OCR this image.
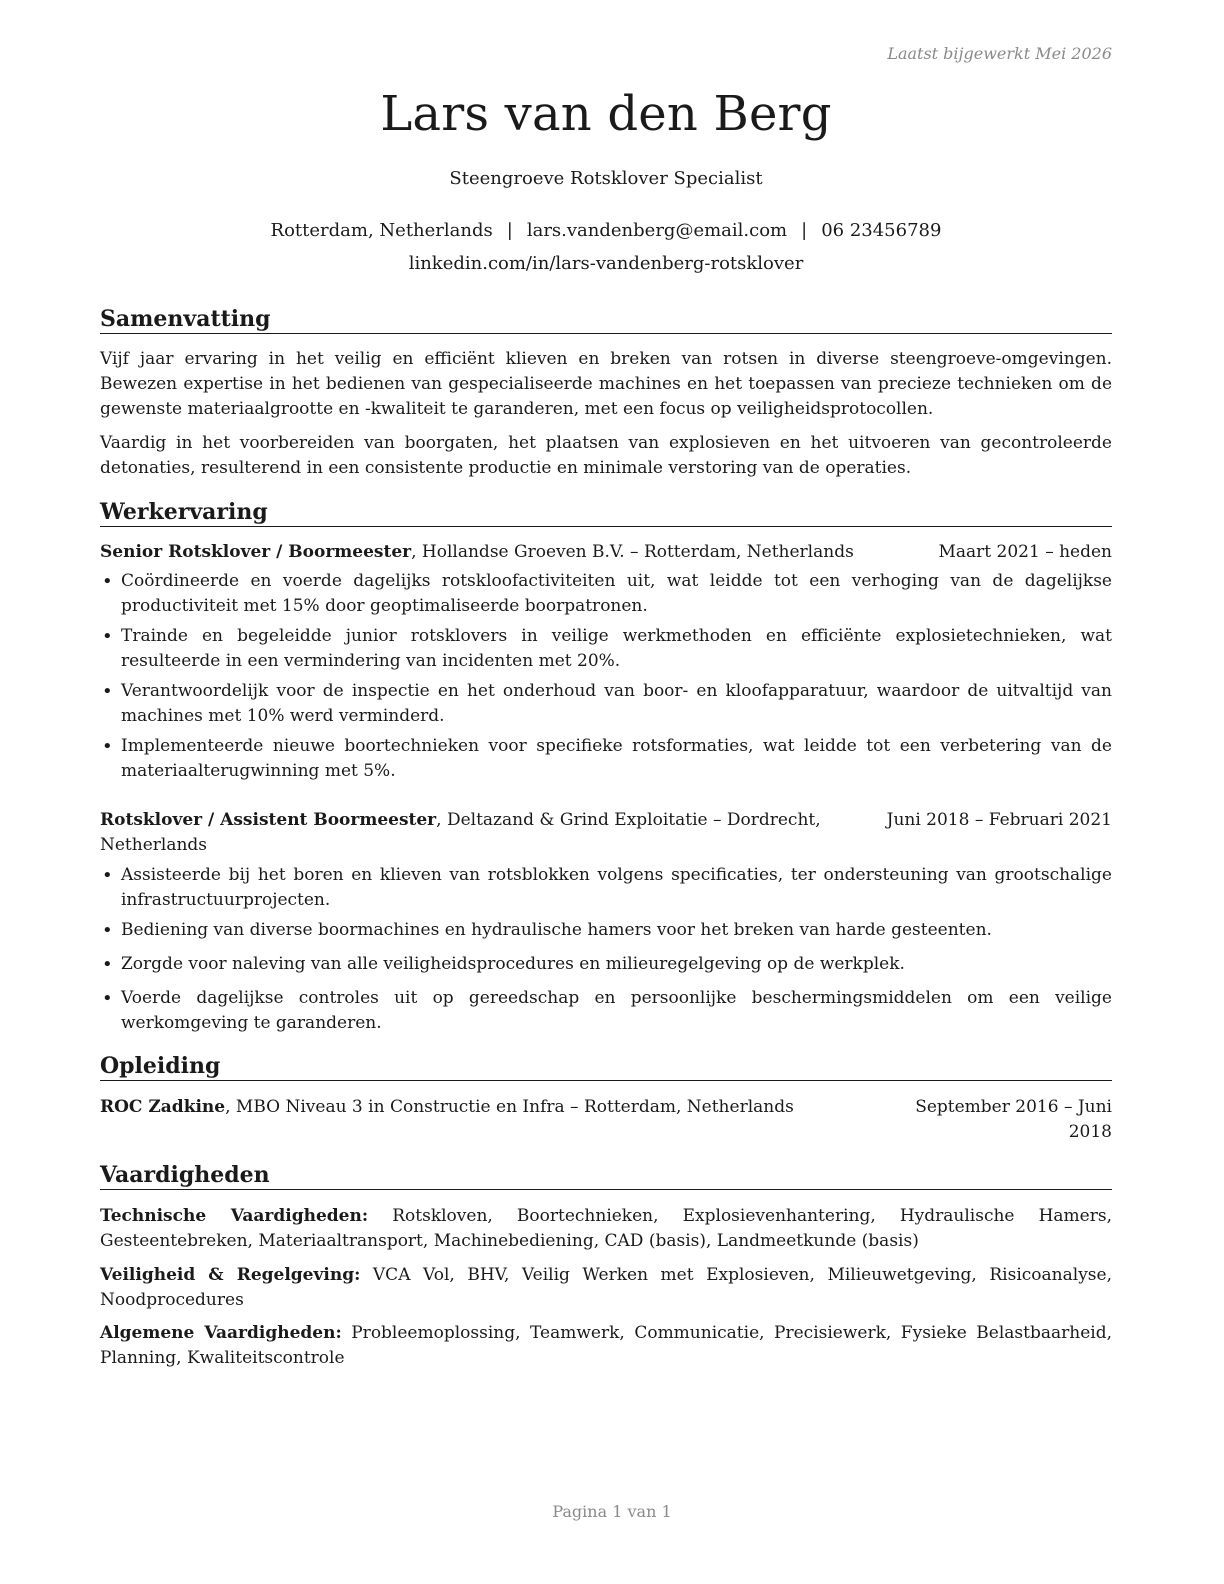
Laatst bijgewerkt Mei 2026
Lars van den Berg
Steengroeve Rotsklover Specialist
Rotterdam, Netherlands | lars.vandenberg@email.com | 06 23456789
linkedin.com/in/lars-vandenberg-rotsklover
Samenvatting

Vijf jaar ervaring in het veilig en efficiënt klieven en breken van rotsen in diverse steengroeve-omgevingen. Bewezen expertise in het bedienen van gespecialiseerde machines en het toepassen van precieze technieken om de gewenste materiaalgrootte en -kwaliteit te garanderen, met een focus op veiligheidsprotocollen.

Vaardig in het voorbereiden van boorgaten, het plaatsen van explosieven en het uitvoeren van gecontroleerde detonaties, resulterend in een consistente productie en minimale verstoring van de operaties.

Werkervaring
Senior Rotsklover / Boormeester, Hollandse Groeven B.V. – Rotterdam, Netherlands	Maart 2021 – heden
• Coördineerde en voerde dagelijks rotskloofactiviteiten uit, wat leidde tot een verhoging van de dagelijkse productiviteit met 15% door geoptimaliseerde boorpatronen.
• Trainde en begeleidde junior rotsklovers in veilige werkmethoden en efficiënte explosietechnieken, wat resulteerde in een vermindering van incidenten met 20%.
• Verantwoordelijk voor de inspectie en het onderhoud van boor- en kloofapparatuur, waardoor de uitvaltijd van machines met 10% werd verminderd.
• Implementeerde nieuwe boortechnieken voor specifieke rotsformaties, wat leidde tot een verbetering van de materiaalterugwinning met 5%.
Rotsklover / Assistent Boormeester, Deltazand & Grind Exploitatie – Dordrecht, Netherlands
Juni 2018 – Februari 2021
• Assisteerde bij het boren en klieven van rotsblokken volgens specificaties, ter ondersteuning van grootschalige infrastructuurprojecten.
• Bediening van diverse boormachines en hydraulische hamers voor het breken van harde gesteenten.
• Zorgde voor naleving van alle veiligheidsprocedures en milieuregelgeving op de werkplek.
• Voerde dagelijkse controles uit op gereedschap en persoonlijke beschermingsmiddelen om een veilige werkomgeving te garanderen.
Opleiding
ROC Zadkine, MBO Niveau 3 in Constructie en Infra – Rotterdam, Netherlands	September 2016 – Juni 2018
Vaardigheden
Technische Vaardigheden: Rotskloven, Boortechnieken, Explosievenhantering, Hydraulische Hamers, Gesteentebreken, Materiaaltransport, Machinebediening, CAD (basis), Landmeetkunde (basis)
Veiligheid & Regelgeving: VCA Vol, BHV, Veilig Werken met Explosieven, Milieuwetgeving, Risicoanalyse, Noodprocedures
Algemene Vaardigheden: Probleemoplossing, Teamwerk, Communicatie, Precisiewerk, Fysieke Belastbaarheid, Planning, Kwaliteitscontrole
Pagina 1 van 1
